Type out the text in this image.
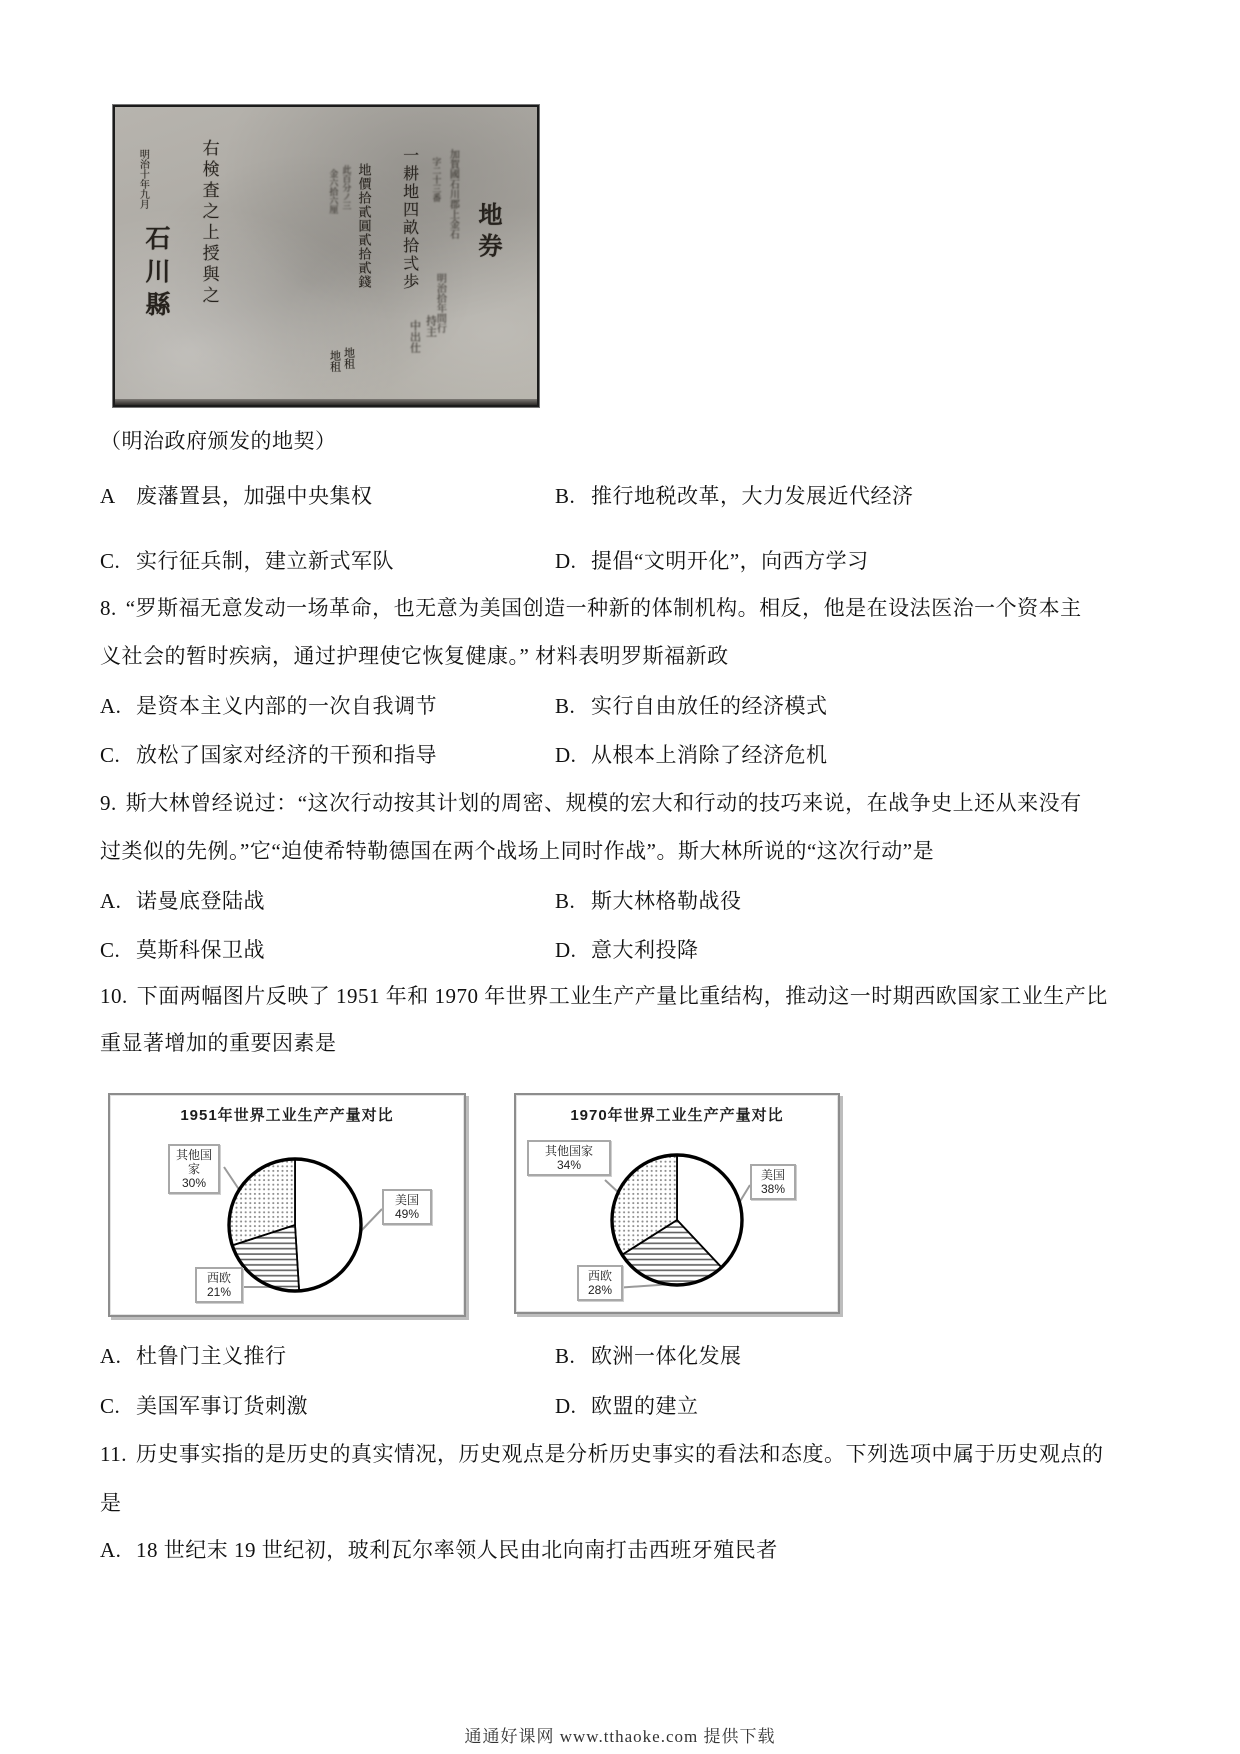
加賀國石川郡上金石
字二十三番
地券
明治拾年間行
一耕地四畝拾弍歩
地價拾貳圓貳拾貳錢
此百分ノ三
金六拾六厘
持主
中出仕
地租
地租
右検査之上授與之
明治十年九月
石川縣
（明治政府颁发的地契）
A 废藩置县，加强中央集权	B. 推行地税改革，大力发展近代经济
C. 实行征兵制，建立新式军队	D. 提倡“文明开化”，向西方学习
8. “罗斯福无意发动一场革命，也无意为美国创造一种新的体制机构。相反，他是在设法医治一个资本主
义社会的暂时疾病，通过护理使它恢复健康。” 材料表明罗斯福新政
A. 是资本主义内部的一次自我调节	B. 实行自由放任的经济模式
C. 放松了国家对经济的干预和指导	D. 从根本上消除了经济危机
9. 斯大林曾经说过：“这次行动按其计划的周密、规模的宏大和行动的技巧来说，在战争史上还从来没有
过类似的先例。”它“迫使希特勒德国在两个战场上同时作战”。斯大林所说的“这次行动”是
A. 诺曼底登陆战	B. 斯大林格勒战役
C. 莫斯科保卫战	D. 意大利投降
10. 下面两幅图片反映了 1951 年和 1970 年世界工业生产产量比重结构，推动这一时期西欧国家工业生产比
重显著增加的重要因素是
1951年世界工业生产产量对比
其他国家
30%
美国
49%
西欧
21%
1970年世界工业生产产量对比
其他国家
34%
美国
38%
西欧
28%
A. 杜鲁门主义推行	B. 欧洲一体化发展
C. 美国军事订货刺激	D. 欧盟的建立
11. 历史事实指的是历史的真实情况，历史观点是分析历史事实的看法和态度。下列选项中属于历史观点的
是
A. 18 世纪末 19 世纪初，玻利瓦尔率领人民由北向南打击西班牙殖民者
通通好课网 www.tthaoke.com 提供下载
